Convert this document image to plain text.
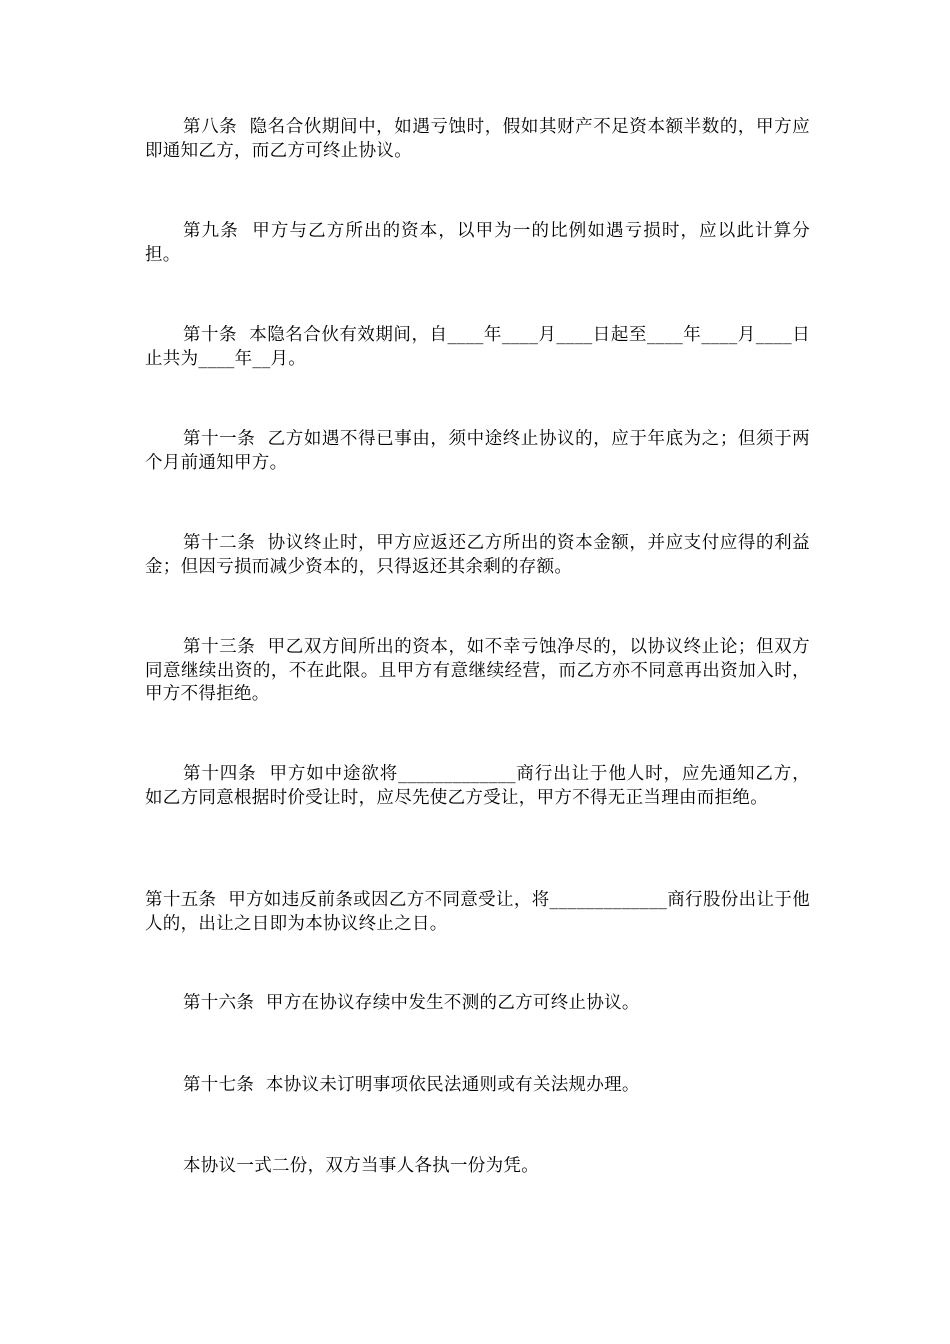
第八条  隐名合伙期间中，如遇亏蚀时，假如其财产不足资本额半数的，甲方应即通知乙方，而乙方可终止协议。

第九条  甲方与乙方所出的资本，以甲为一的比例如遇亏损时，应以此计算分担。

第十条  本隐名合伙有效期间，自____年____月____日起至____年____月____日止共为____年__月。

第十一条  乙方如遇不得已事由，须中途终止协议的，应于年底为之；但须于两个月前通知甲方。

第十二条  协议终止时，甲方应返还乙方所出的资本金额，并应支付应得的利益金；但因亏损而减少资本的，只得返还其余剩的存额。

第十三条  甲乙双方间所出的资本，如不幸亏蚀净尽的，以协议终止论；但双方同意继续出资的，不在此限。且甲方有意继续经营，而乙方亦不同意再出资加入时，甲方不得拒绝。

第十四条  甲方如中途欲将_____________商行出让于他人时，应先通知乙方，如乙方同意根据时价受让时，应尽先使乙方受让，甲方不得无正当理由而拒绝。

第十五条  甲方如违反前条或因乙方不同意受让，将_____________商行股份出让于他人的，出让之日即为本协议终止之日。

第十六条  甲方在协议存续中发生不测的乙方可终止协议。

第十七条  本协议未订明事项依民法通则或有关法规办理。

本协议一式二份，双方当事人各执一份为凭。
